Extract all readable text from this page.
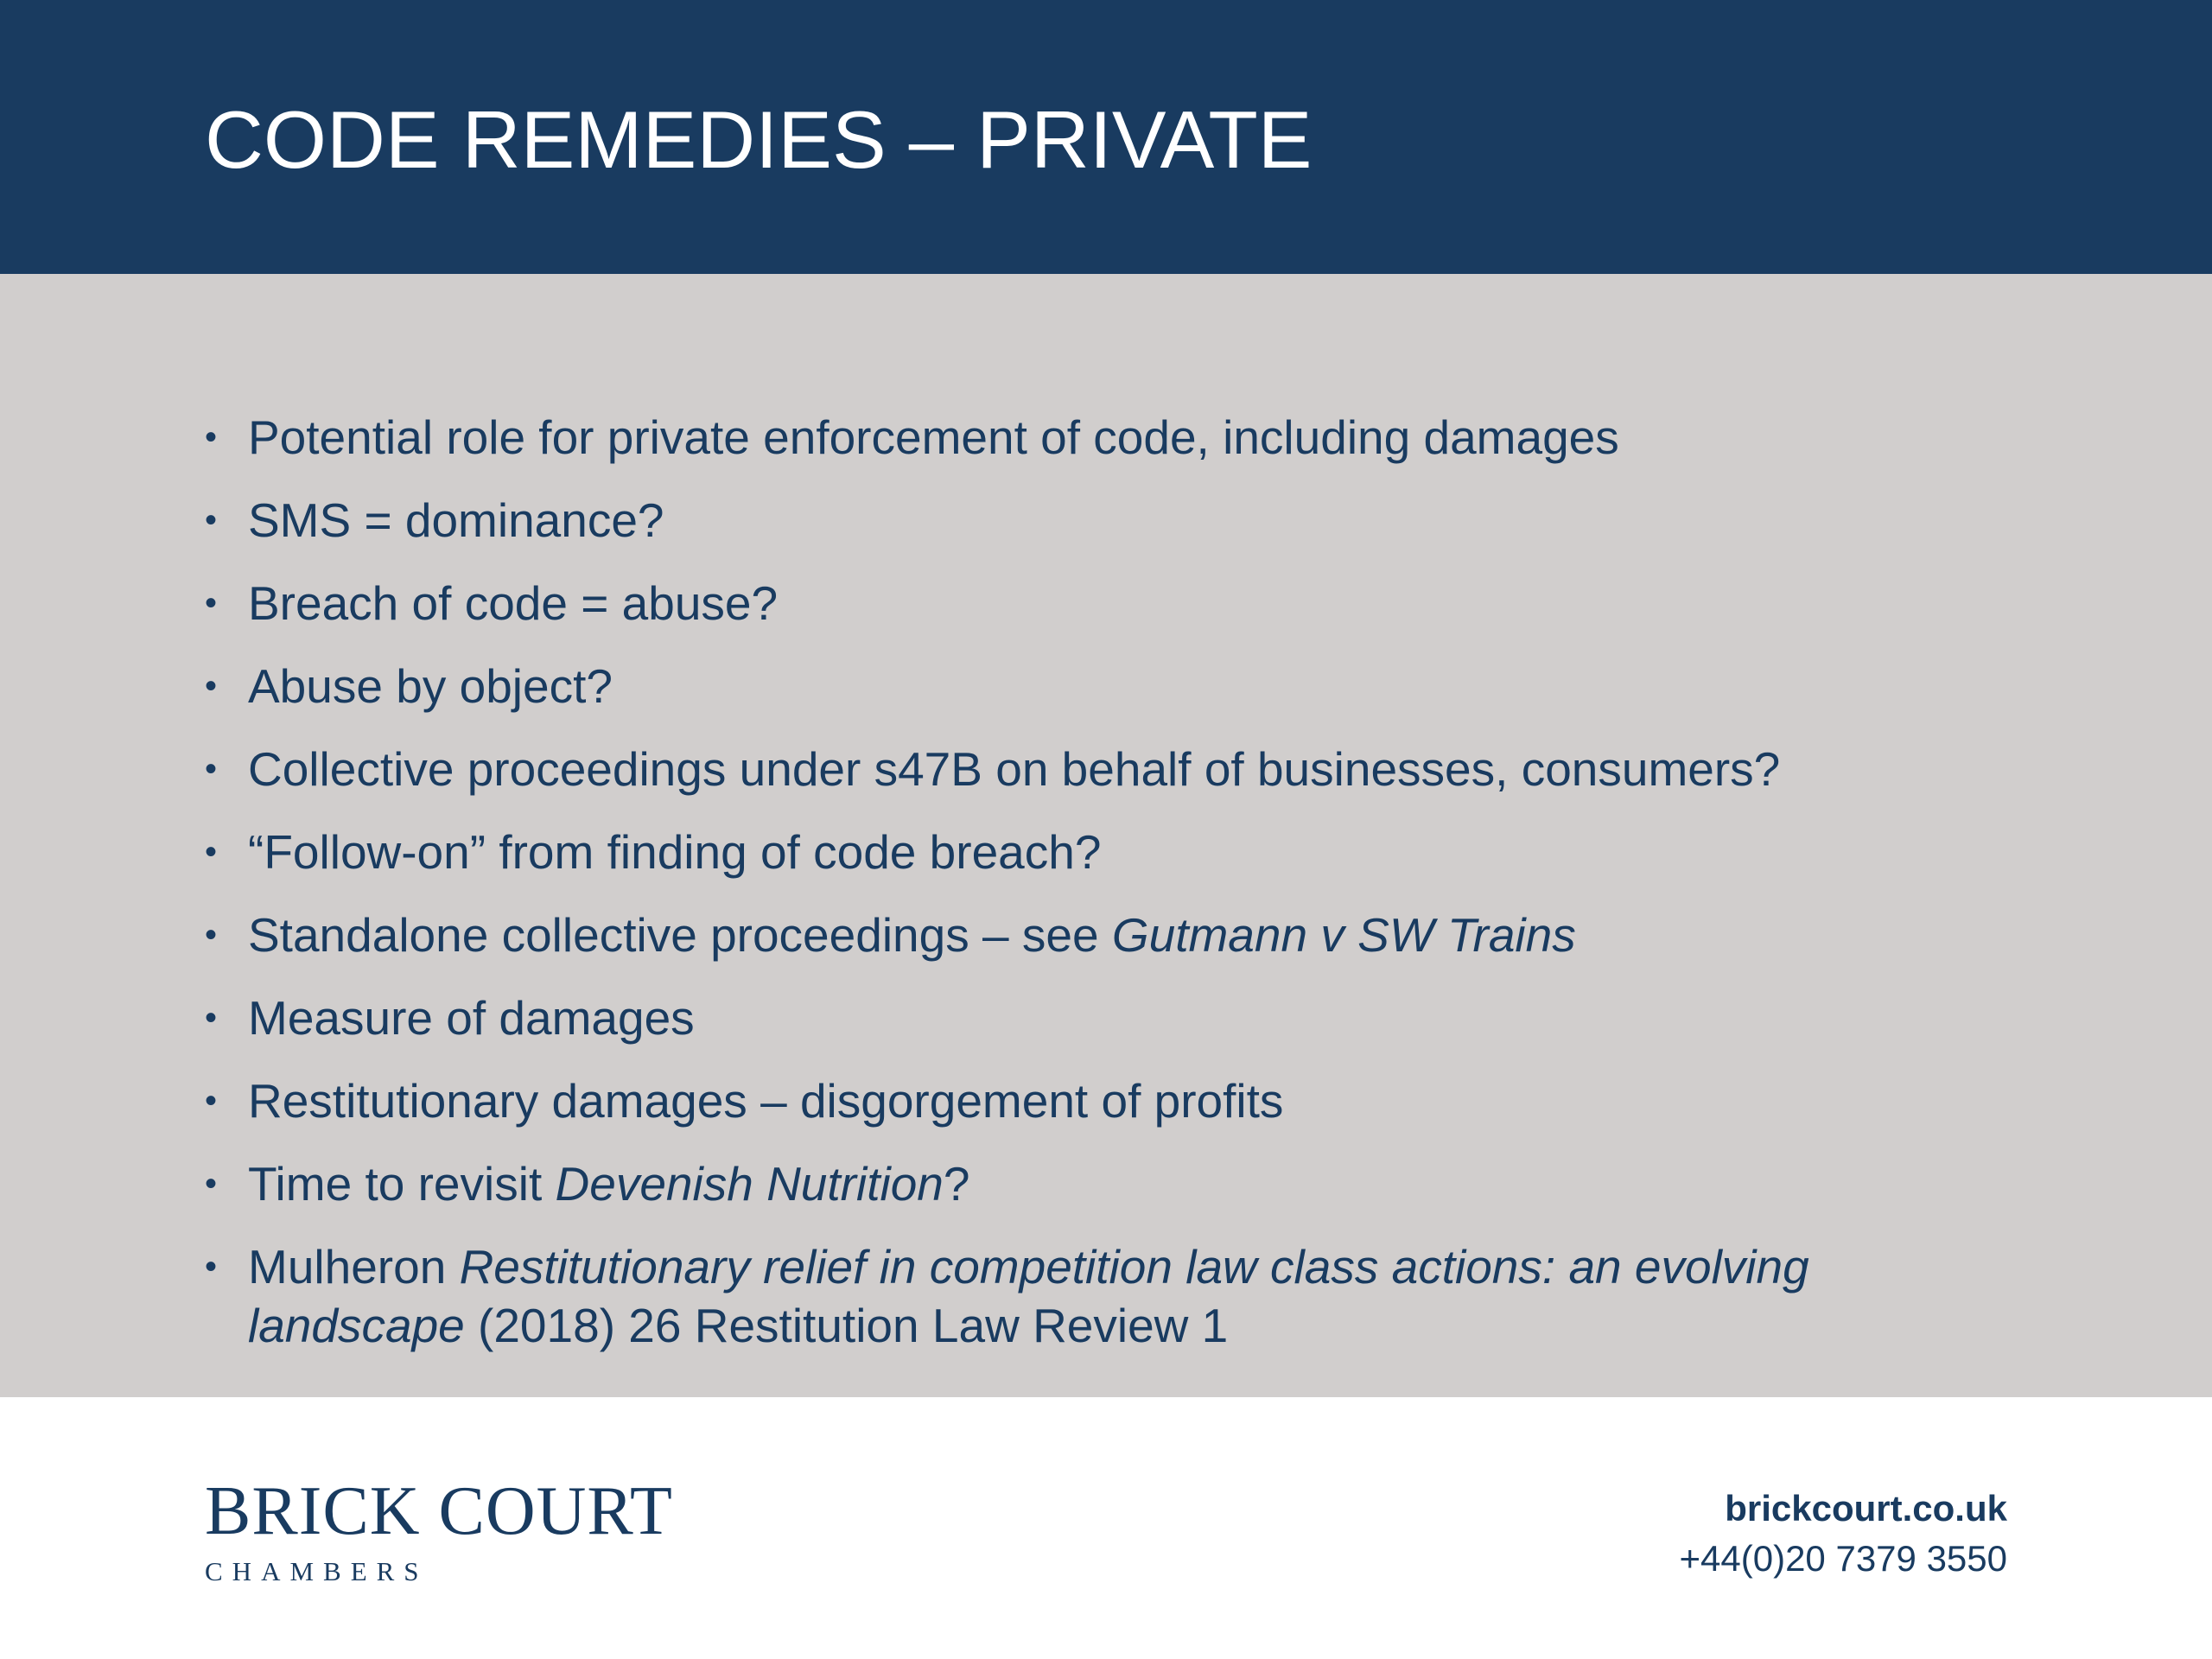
CODE REMEDIES – PRIVATE
• Potential role for private enforcement of code, including damages
• SMS = dominance?
• Breach of code = abuse?
• Abuse by object?
• Collective proceedings under s47B on behalf of businesses, consumers?
• “Follow-on” from finding of code breach?
• Standalone collective proceedings – see Gutmann v SW Trains
• Measure of damages
• Restitutionary damages – disgorgement of profits
• Time to revisit Devenish Nutrition?
• Mulheron Restitutionary relief in competition law class actions: an evolving landscape (2018) 26 Restitution Law Review 1
BRICK COURT
CHAMBERS
brickcourt.co.uk
+44(0)20 7379 3550
